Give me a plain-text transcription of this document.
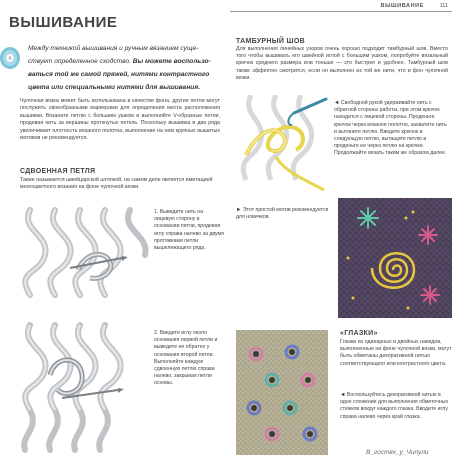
ВЫШИВАНИЕ	111
ВЫШИВАНИЕ
Между техникой вышивания и ручным вязанием суще-
ствует определенное сходство. Вы можете воспользо-
ваться той же самой пряжей, нитями контрастного
цвета или специальными нитями для вышивания.
Чулочная вязка может быть использована в качестве фона, другие петли могут послужить своеобразными маркерами для определения места расположения вышивки. Вязаните петлю с большим ушком и выполняйте V-образные петли, продевая нить за вершины проткнутых петель. Поскольку вышивка в два ряда увеличивает плотность вязаного полотна, выполнение на нем крупных вышитых мотивов не рекомендуется.
СДВОЕННАЯ ПЕТЛЯ
Также называется швейцарской штопкой, на самом деле является имитацией многоцветного вязания на фоне чулочной вязки.
1. Выведите нить на лицевую сторону в основании петли, продевая иглу справа налево за двумя протяжками петли вышележащего ряда.
2. Введите иглу около основания первой петли и выведите ее обратно у основания второй петли. Выполняйте каждую сдвоенную петлю справа налево, закрывая петли основы.
ТАМБУРНЫЙ ШОВ
Для выполнения линейных узоров очень хорошо подходит тамбурный шов. Вместо того чтобы вышивать его швейной иглой с большим ушком, попробуйте вязальный крючок среднего размера или тоньше — это быстрее и удобнее. Тамбурный шов также эффектно смотрится, если он выполнен из той же нити, что и фон чулочной вязки.
◄ Свободной рукой удерживайте нить с обратной стороны работы, при этом крючок находится с лицевой стороны. Проденьте крючок через вязаное полотно, захватите нить и вытяните петлю. Введите крючок в следующую петлю, вытащите петлю и проденьте ее через петлю на крючке. Продолжайте вязать таким же образом далее.
► Этот простой мотив рекомендуется для новичков.
«ГЛАЗКИ»
Глазки из одинарных и двойных накидов, выполненные на фоне чулочной вязки, могут быть обметаны декоративной нитью соответствующего или контрастного цвета.
◄ Воспользуйтесь декоративной нитью в одно сложение для выполнения обметочных стежков вокруг каждого глазка. Вводите иглу справа налево через край глазка.
В_гостях_у_Чипули
